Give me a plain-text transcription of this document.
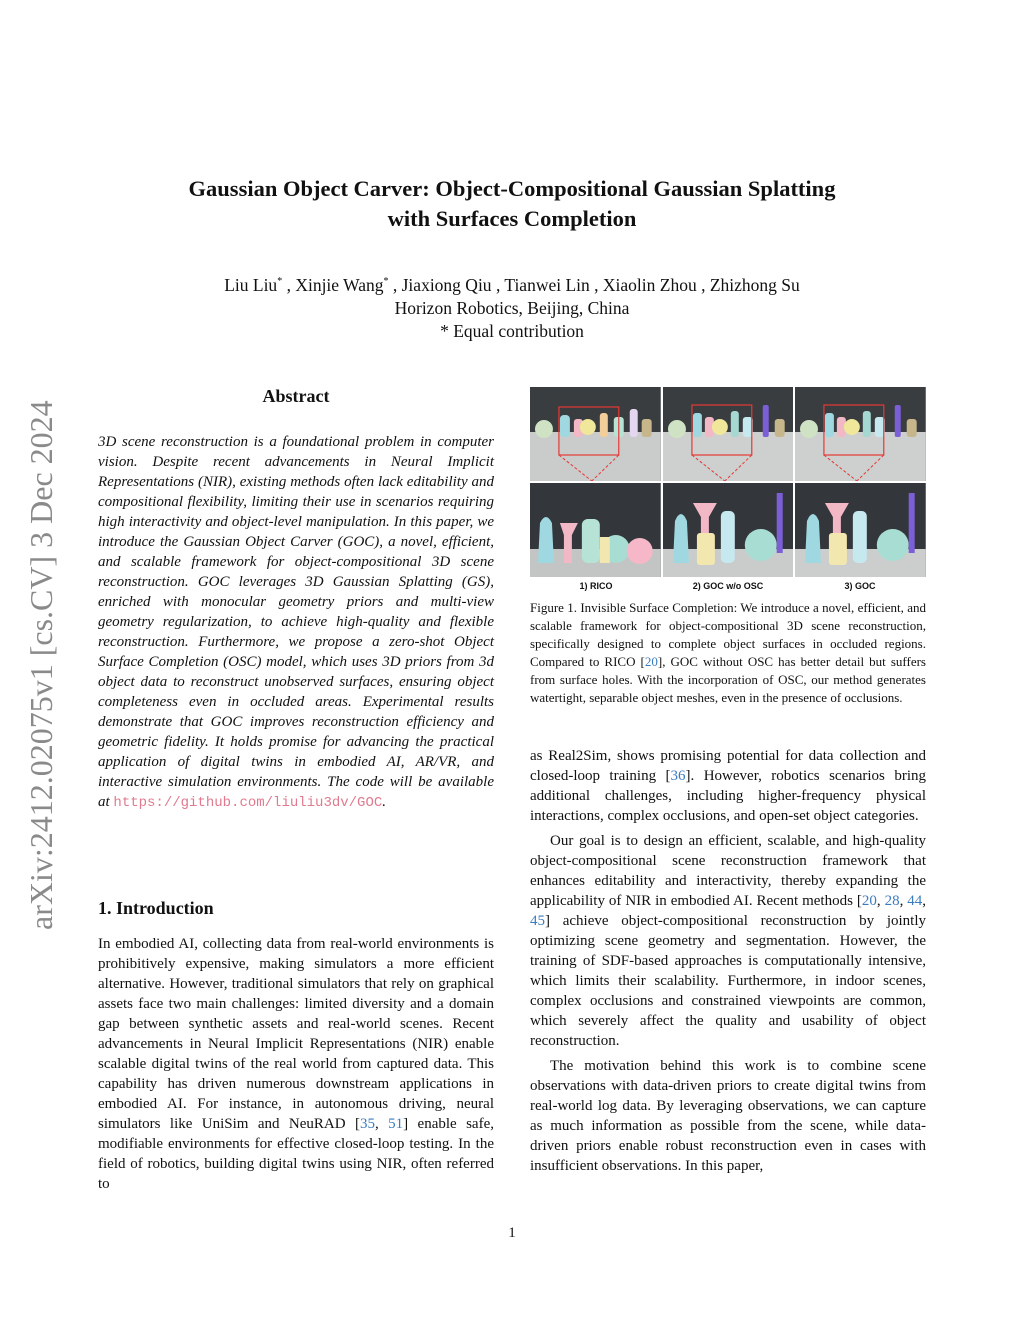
arXiv:2412.02075v1 [cs.CV] 3 Dec 2024
Gaussian Object Carver: Object-Compositional Gaussian Splatting
with Surfaces Completion
Liu Liu* , Xinjie Wang* , Jiaxiong Qiu , Tianwei Lin , Xiaolin Zhou , Zhizhong Su
Horizon Robotics, Beijing, China
* Equal contribution
Abstract
3D scene reconstruction is a foundational problem in computer vision. Despite recent advancements in Neural Implicit Representations (NIR), existing methods often lack editability and compositional flexibility, limiting their use in scenarios requiring high interactivity and object-level manipulation. In this paper, we introduce the Gaussian Object Carver (GOC), a novel, efficient, and scalable framework for object-compositional 3D scene reconstruction. GOC leverages 3D Gaussian Splatting (GS), enriched with monocular geometry priors and multi-view geometry regularization, to achieve high-quality and flexible reconstruction. Furthermore, we propose a zero-shot Object Surface Completion (OSC) model, which uses 3D priors from 3d object data to reconstruct unobserved surfaces, ensuring object completeness even in occluded areas. Experimental results demonstrate that GOC improves reconstruction efficiency and geometric fidelity. It holds promise for advancing the practical application of digital twins in embodied AI, AR/VR, and interactive simulation environments. The code will be available at https://github.com/liuliu3dv/GOC.
1. Introduction

In embodied AI, collecting data from real-world environments is prohibitively expensive, making simulators a more efficient alternative. However, traditional simulators that rely on graphical assets face two main challenges: limited diversity and a domain gap between synthetic assets and real-world scenes. Recent advancements in Neural Implicit Representations (NIR) enable scalable digital twins of the real world from captured data. This capability has driven numerous downstream applications in embodied AI. For instance, in autonomous driving, neural simulators like UniSim and NeuRAD [35, 51] enable safe, modifiable environments for effective closed-loop testing. In the field of robotics, building digital twins using NIR, often referred to

1) RICO	2) GOC w/o OSC	3) GOC
Figure 1. Invisible Surface Completion: We introduce a novel, efficient, and scalable framework for object-compositional 3D scene reconstruction, specifically designed to complete object surfaces in occluded regions. Compared to RICO [20], GOC without OSC has better detail but suffers from surface holes. With the incorporation of OSC, our method generates watertight, separable object meshes, even in the presence of occlusions.

as Real2Sim, shows promising potential for data collection and closed-loop training [36]. However, robotics scenarios bring additional challenges, including higher-frequency physical interactions, complex occlusions, and open-set object categories.

Our goal is to design an efficient, scalable, and high-quality object-compositional scene reconstruction framework that enhances editability and interactivity, thereby expanding the applicability of NIR in embodied AI. Recent methods [20, 28, 44, 45] achieve object-compositional reconstruction by jointly optimizing scene geometry and segmentation. However, the training of SDF-based approaches is computationally intensive, which limits their scalability. Furthermore, in indoor scenes, complex occlusions and constrained viewpoints are common, which severely affect the quality and usability of object reconstruction.

The motivation behind this work is to combine scene observations with data-driven priors to create digital twins from real-world log data. By leveraging observations, we can capture as much information as possible from the scene, while data-driven priors enable robust reconstruction even in cases with insufficient observations. In this paper,

1
